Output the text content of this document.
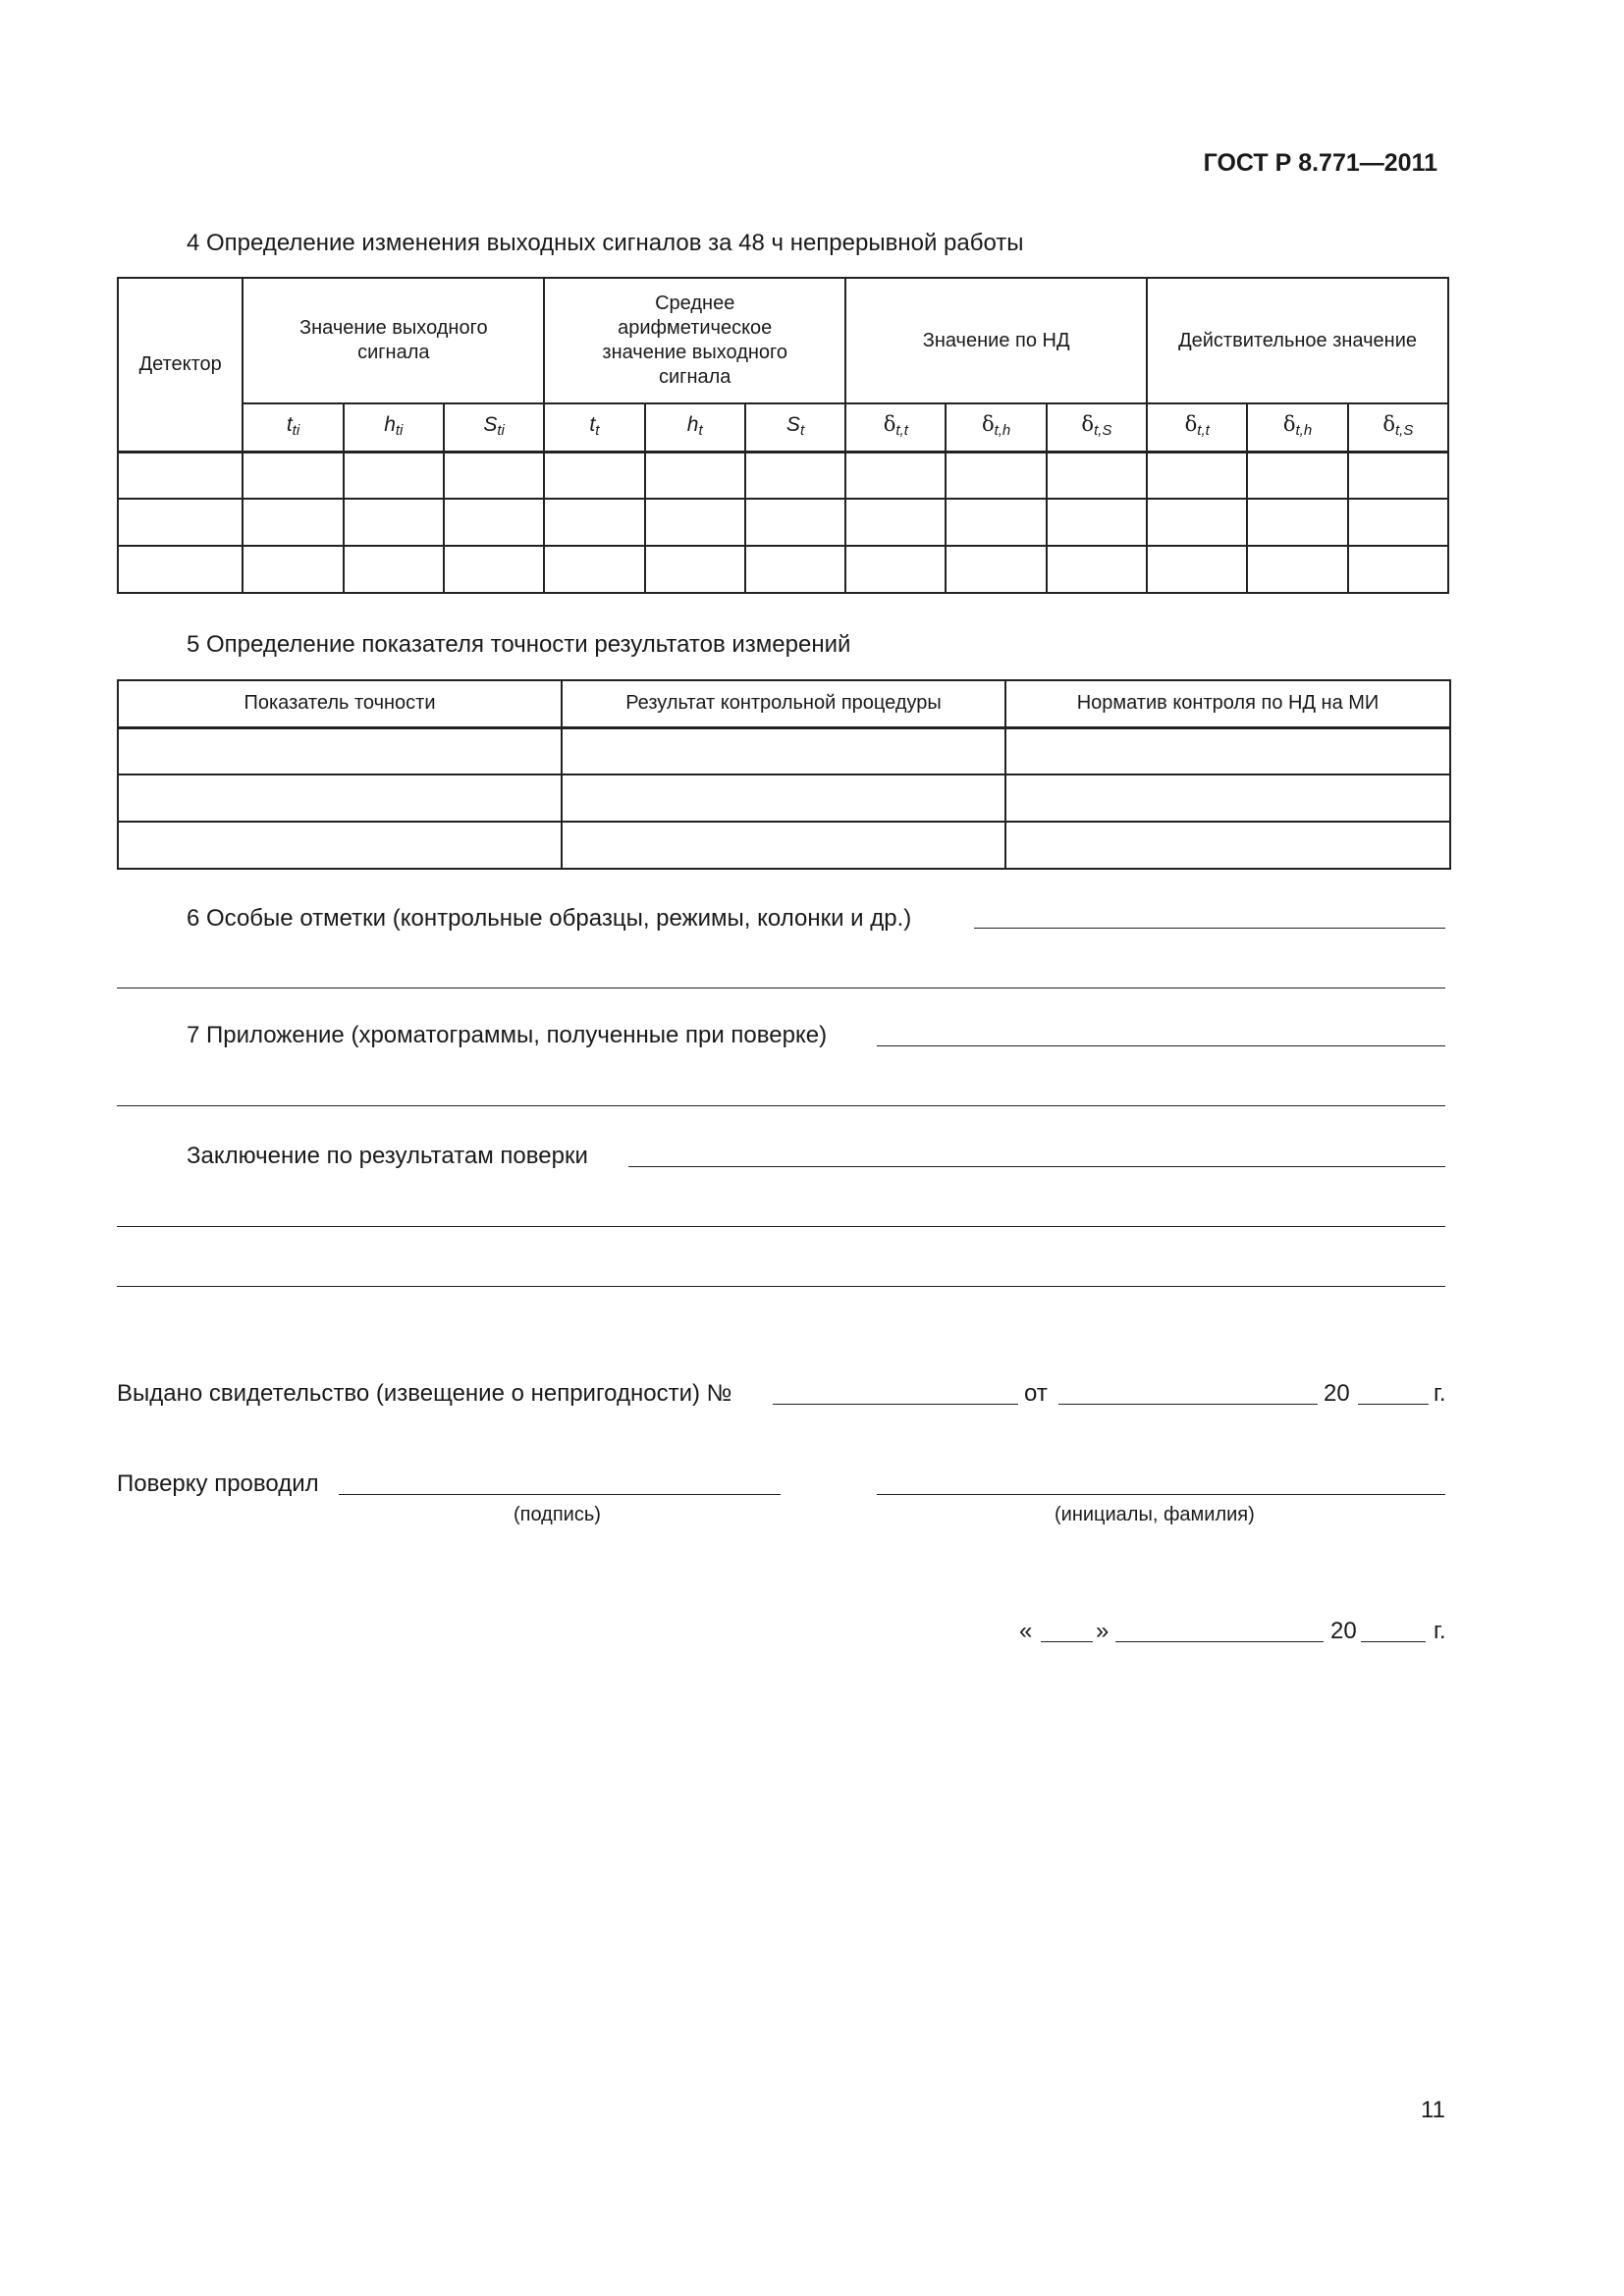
ГОСТ Р 8.771—2011
4 Определение изменения выходных сигналов за 48 ч непрерывной работы
Детектор	Значение выходного сигнала			Среднее арифметическое значение выходного сигнала			Значение по НД			Действительное значение		
	$t_{ti}$	$h_{ti}$	$S_{ti}$	$t_t$	$h_t$	$S_t$	$\delta_{t,t}$	$\delta_{t,h}$	$\delta_{t,S}$	$\delta_{t,t}$	$\delta_{t,h}$	$\delta_{t,S}$

5 Определение показателя точности результатов измерений
Показатель точности	Результат контрольной процедуры	Норматив контроля по НД на МИ

6 Особые отметки (контрольные образцы, режимы, колонки и др.)
7 Приложение (хроматограммы, полученные при поверке)
Заключение по результатам поверки
Выдано свидетельство (извещение о непригодности) №	от	20	г.
Поверку проводил
(подпись)	(инициалы, фамилия)
«	»	20	г.
11
